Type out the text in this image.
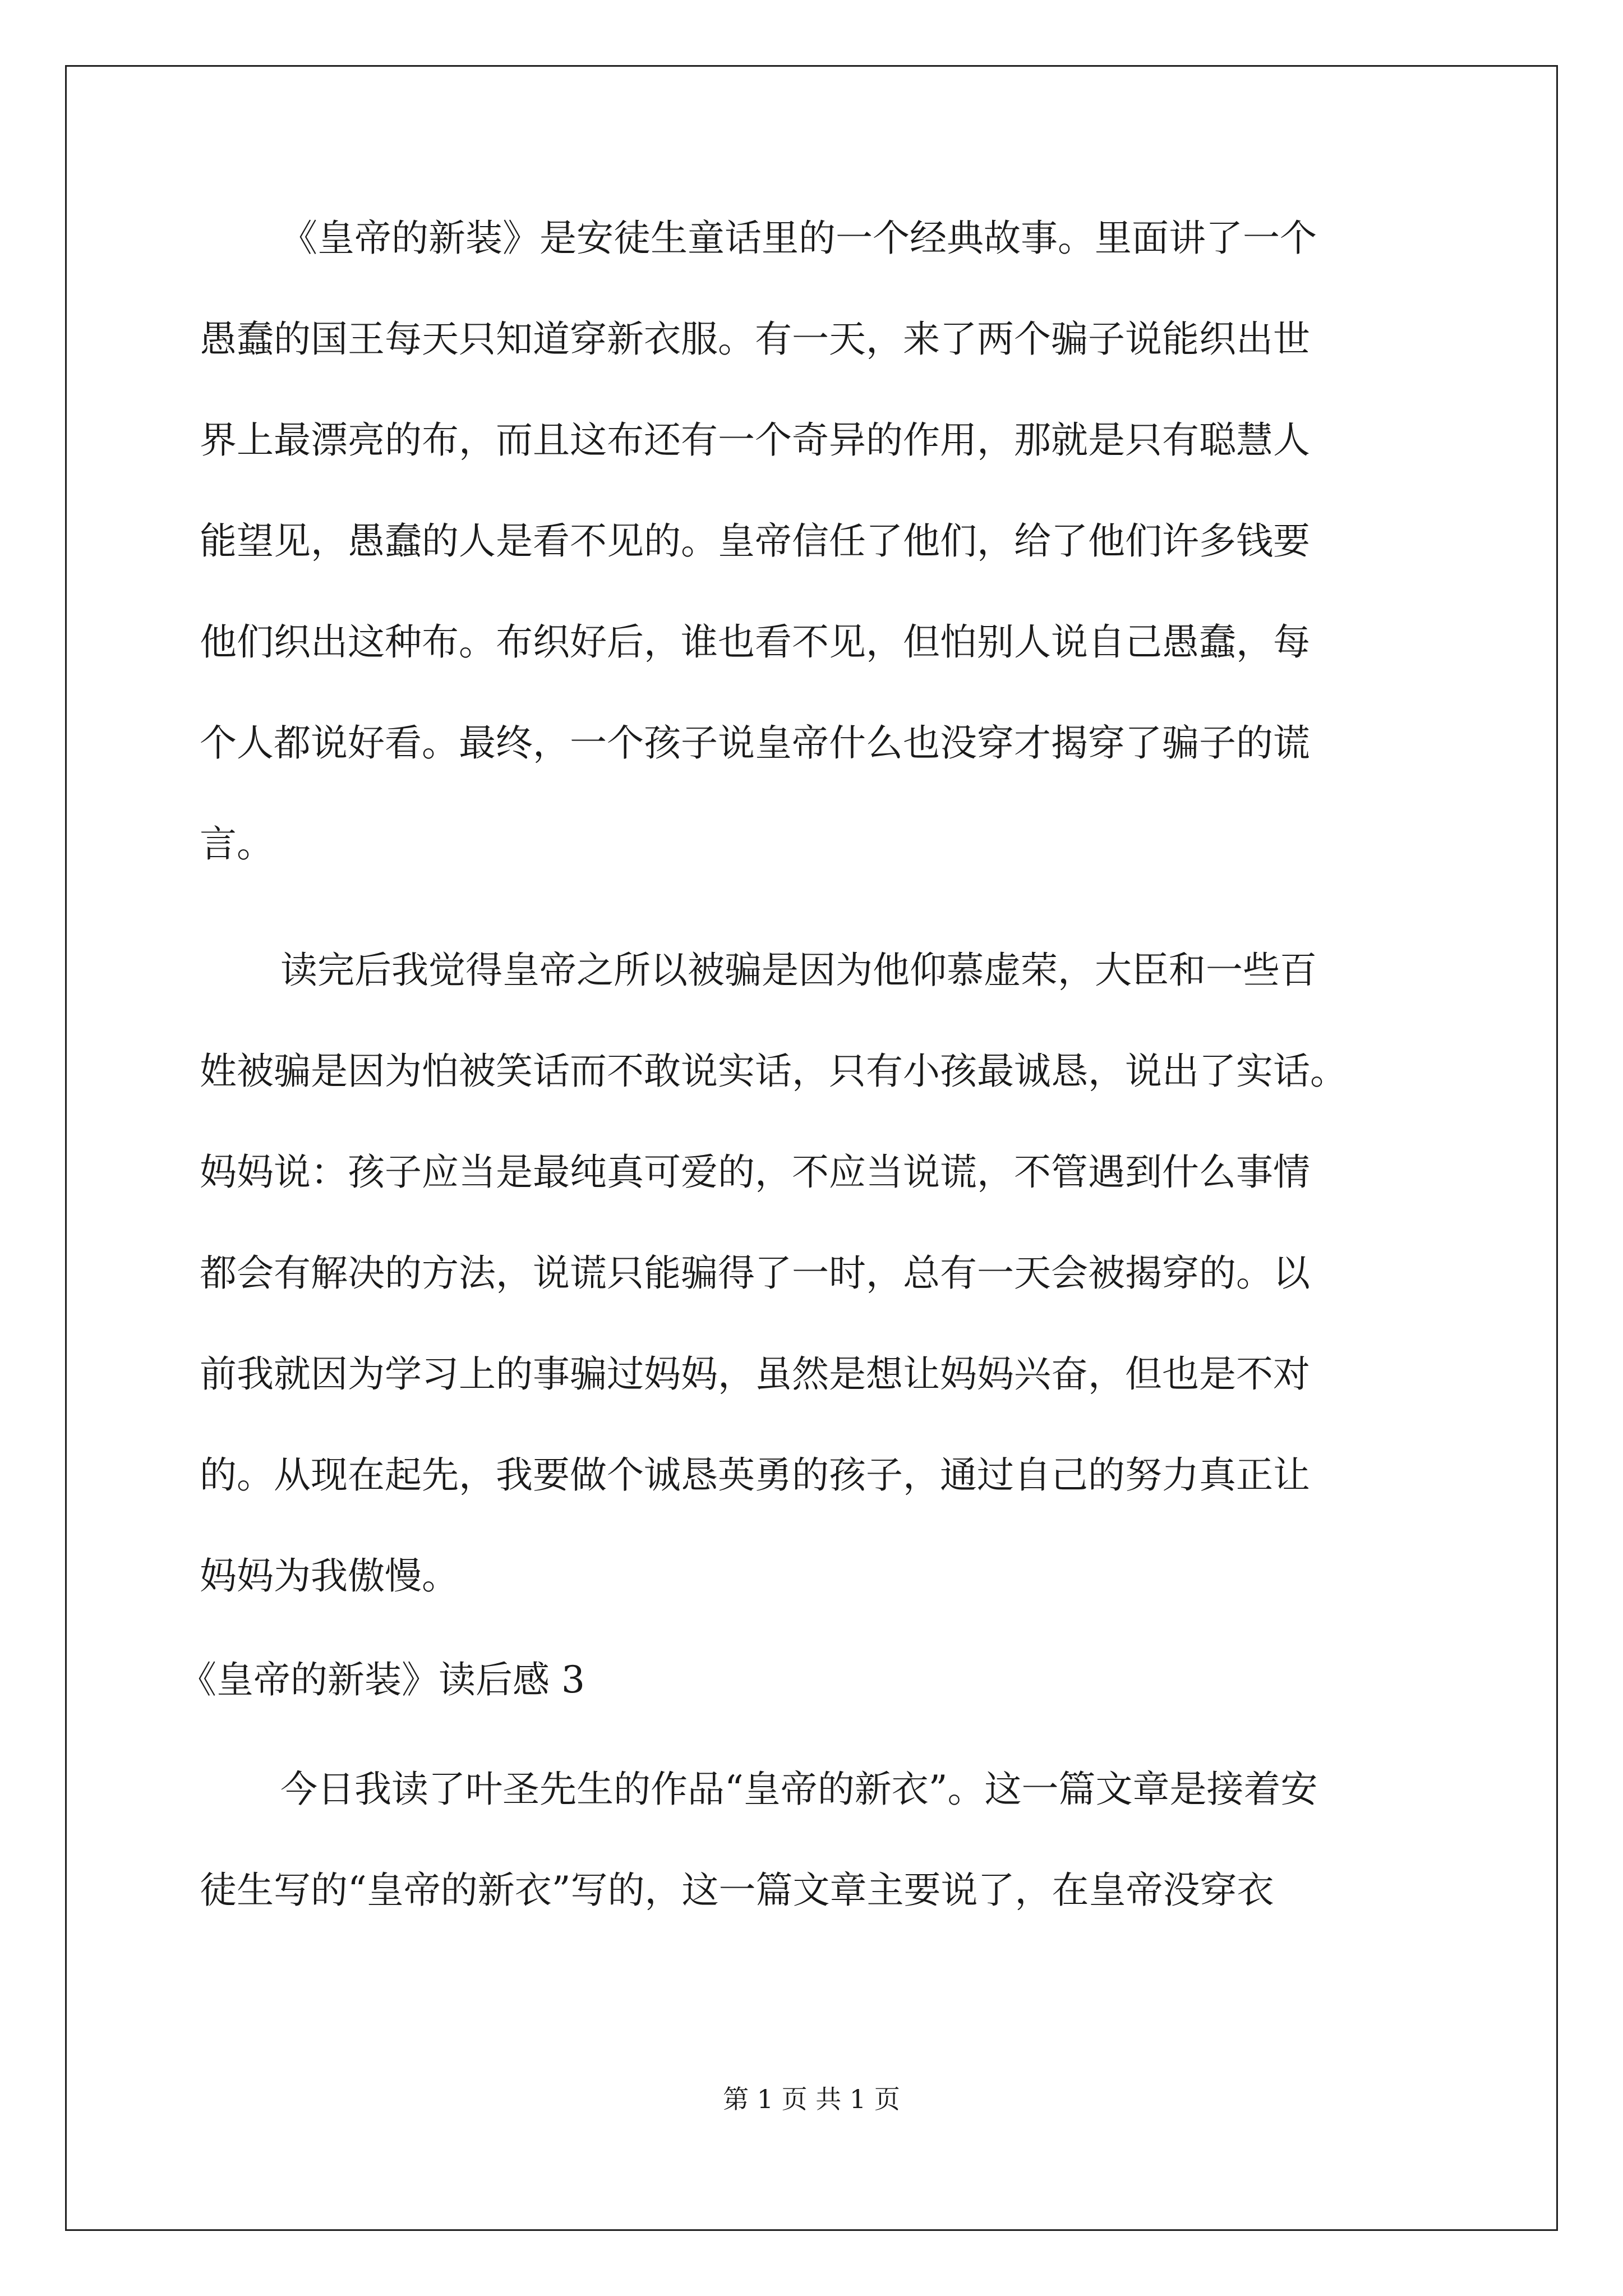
《皇帝的新装》是安徒生童话里的一个经典故事。里面讲了一个
愚蠢的国王每天只知道穿新衣服。有一天，来了两个骗子说能织出世
界上最漂亮的布，而且这布还有一个奇异的作用，那就是只有聪慧人
能望见，愚蠢的人是看不见的。皇帝信任了他们，给了他们许多钱要
他们织出这种布。布织好后，谁也看不见，但怕别人说自己愚蠢，每
个人都说好看。最终，一个孩子说皇帝什么也没穿才揭穿了骗子的谎
言。
读完后我觉得皇帝之所以被骗是因为他仰慕虚荣，大臣和一些百
姓被骗是因为怕被笑话而不敢说实话，只有小孩最诚恳，说出了实话。
妈妈说：孩子应当是最纯真可爱的，不应当说谎，不管遇到什么事情
都会有解决的方法，说谎只能骗得了一时，总有一天会被揭穿的。以
前我就因为学习上的事骗过妈妈，虽然是想让妈妈兴奋，但也是不对
的。从现在起先，我要做个诚恳英勇的孩子，通过自己的努力真正让
妈妈为我傲慢。
《皇帝的新装》读后感 3
今日我读了叶圣先生的作品“皇帝的新衣”。这一篇文章是接着安
徒生写的“皇帝的新衣”写的，这一篇文章主要说了，在皇帝没穿衣
第 1 页 共 1 页
